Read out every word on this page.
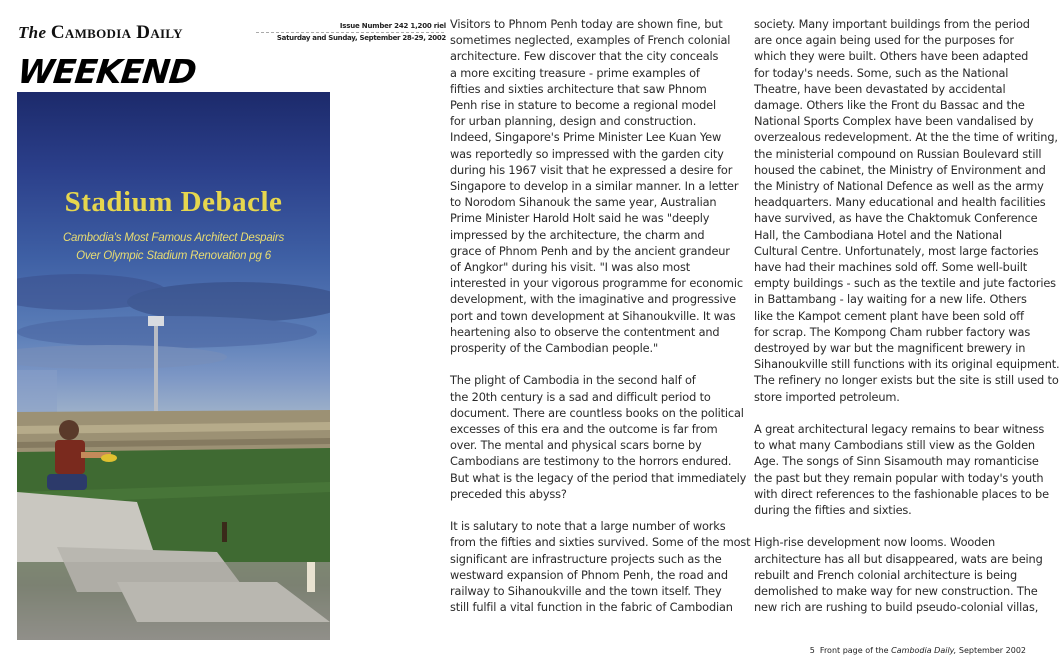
The Cambodia Daily	Issue Number 242 1,200 riel
Saturday and Sunday, September 28-29, 2002
WEEKEND
Stadium Debacle
Cambodia's Most Famous Architect Despairs
Over Olympic Stadium Renovation pg 6

Visitors to Phnom Penh today are shown fine, but
sometimes neglected, examples of French colonial
architecture. Few discover that the city conceals
a more exciting treasure - prime examples of
fifties and sixties architecture that saw Phnom
Penh rise in stature to become a regional model
for urban planning, design and construction.
Indeed, Singapore's Prime Minister Lee Kuan Yew
was reportedly so impressed with the garden city
during his 1967 visit that he expressed a desire for
Singapore to develop in a similar manner. In a letter
to Norodom Sihanouk the same year, Australian
Prime Minister Harold Holt said he was "deeply
impressed by the architecture, the charm and
grace of Phnom Penh and by the ancient grandeur
of Angkor" during his visit. "I was also most
interested in your vigorous programme for economic
development, with the imaginative and progressive
port and town development at Sihanoukville. It was
heartening also to observe the contentment and
prosperity of the Cambodian people."

The plight of Cambodia in the second half of
the 20th century is a sad and difficult period to
document. There are countless books on the political
excesses of this era and the outcome is far from
over. The mental and physical scars borne by
Cambodians are testimony to the horrors endured.
But what is the legacy of the period that immediately
preceded this abyss?

It is salutary to note that a large number of works
from the fifties and sixties survived. Some of the most
significant are infrastructure projects such as the
westward expansion of Phnom Penh, the road and
railway to Sihanoukville and the town itself. They
still fulfil a vital function in the fabric of Cambodian

society. Many important buildings from the period
are once again being used for the purposes for
which they were built. Others have been adapted
for today's needs. Some, such as the National
Theatre, have been devastated by accidental
damage. Others like the Front du Bassac and the
National Sports Complex have been vandalised by
overzealous redevelopment. At the the time of writing,
the ministerial compound on Russian Boulevard still
housed the cabinet, the Ministry of Environment and
the Ministry of National Defence as well as the army
headquarters. Many educational and health facilities
have survived, as have the Chaktomuk Conference
Hall, the Cambodiana Hotel and the National
Cultural Centre. Unfortunately, most large factories
have had their machines sold off. Some well-built
empty buildings - such as the textile and jute factories
in Battambang - lay waiting for a new life. Others
like the Kampot cement plant have been sold off
for scrap. The Kompong Cham rubber factory was
destroyed by war but the magnificent brewery in
Sihanoukville still functions with its original equipment.
The refinery no longer exists but the site is still used to
store imported petroleum.

A great architectural legacy remains to bear witness
to what many Cambodians still view as the Golden
Age. The songs of Sinn Sisamouth may romanticise
the past but they remain popular with today's youth
with direct references to the fashionable places to be
during the fifties and sixties.

High-rise development now looms. Wooden
architecture has all but disappeared, wats are being
rebuilt and French colonial architecture is being
demolished to make way for new construction. The
new rich are rushing to build pseudo-colonial villas,

5 Front page of the Cambodia Daily, September 2002
